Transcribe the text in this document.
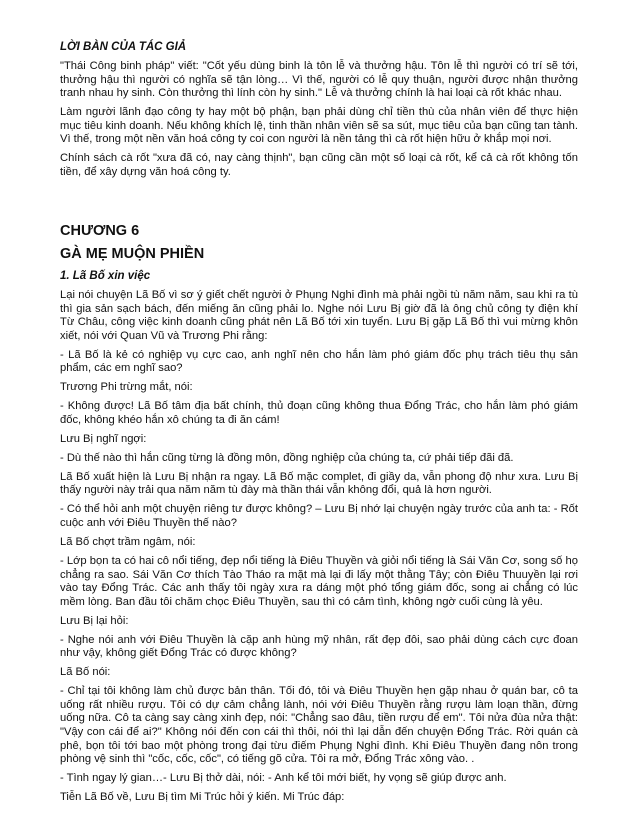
LỜI BÀN CỦA TÁC GIẢ

"Thái Công binh pháp" viết: "Cốt yếu dùng binh là tôn lễ và thưởng hậu. Tôn lễ thì người có trí sẽ tới, thưởng hậu thì người có nghĩa sẽ tận lòng… Vì thế, người có lễ quy thuận, người được nhận thưởng tranh nhau hy sinh. Còn thưởng thì lính còn hy sinh." Lễ và thưởng chính là hai loại cà rốt khác nhau.

Làm người lãnh đạo công ty hay một bộ phận, bạn phải dùng chỉ tiền thù của nhân viên để thực hiện mục tiêu kinh doanh. Nếu không khích lệ, tinh thần nhân viên sẽ sa sút, mục tiêu của bạn cũng tan tành. Vì thế, trong một nền văn hoá công ty coi con người là nền tảng thì cà rốt hiện hữu ở khắp mọi nơi.

Chính sách cà rốt "xưa đã có, nay càng thịnh", bạn cũng cần một số loại cà rốt, kể cả cà rốt không tốn tiền, để xây dựng văn hoá công ty.

CHƯƠNG 6
GÀ MẸ MUỘN PHIỀN
1. Lã Bố xin việc

Lại nói chuyện Lã Bố vì sơ ý giết chết người ở Phụng Nghi đình mà phải ngồi tù năm năm, sau khi ra tù thì gia sản sạch bách, đến miếng ăn cũng phải lo. Nghe nói Lưu Bị giờ đã là ông chủ công ty điện khí Từ Châu, công việc kinh doanh cũng phát nên Lã Bố tới xin tuyển. Lưu Bị gặp Lã Bố thì vui mừng khôn xiết, nói với Quan Vũ và Trương Phi rằng:

- Lã Bố là kẻ có nghiệp vụ cực cao, anh nghĩ nên cho hắn làm phó giám đốc phụ trách tiêu thụ sản phẩm, các em nghĩ sao?

Trương Phi trừng mắt, nói:

- Không được! Lã Bố tâm địa bất chính, thủ đoạn cũng không thua Đổng Trác, cho hắn làm phó giám đốc, không khéo hắn xô chúng ta đi ăn cám!

Lưu Bị nghĩ ngợi:

- Dù thế nào thì hắn cũng từng là đồng môn, đồng nghiệp của chúng ta, cứ phải tiếp đãi đã.

Lã Bố xuất hiện là Lưu Bị nhận ra ngay. Lã Bố mặc complet, đi giầy da, vẫn phong độ như xưa. Lưu Bị thấy người này trải qua năm năm tù đày mà thần thái vẫn không đổi, quả là hơn người.

- Có thể hỏi anh một chuyện riêng tư được không? – Lưu Bị nhớ lại chuyện ngày trước của anh ta: - Rốt cuộc anh với Điêu Thuyền thế nào?

Lã Bố chợt trầm ngâm, nói:

- Lớp bọn ta có hai cô nổi tiếng, đẹp nổi tiếng là Điêu Thuyền và giỏi nổi tiếng là Sái Văn Cơ, song số họ chẳng ra sao. Sái Văn Cơ thích Tào Tháo ra mặt mà lại đi lấy một thằng Tây; còn Điêu Thuuyền lại rơi vào tay Đổng Trác. Các anh thấy tôi ngày xưa ra dáng một phó tổng giám đốc, song ai chẳng có lúc mềm lòng. Ban đầu tôi chăm chọc Điêu Thuyền, sau thì có cảm tình, không ngờ cuối cùng là yêu.

Lưu Bị lại hỏi:

- Nghe nói anh với Điêu Thuyền là cặp anh hùng mỹ nhân, rất đẹp đôi, sao phải dùng cách cực đoan như vậy, không giết Đổng Trác có được không?

Lã Bố nói:

- Chỉ tại tôi không làm chủ được bản thân. Tối đó, tôi và Điêu Thuyền hẹn gặp nhau ở quán bar, cô ta uống rất nhiều rượu. Tôi có dự cảm chẳng lành, nói với Điêu Thuyền rằng rượu làm loạn thần, đừng uống nữa. Cô ta càng say càng xinh đẹp, nói: "Chẳng sao đâu, tiền rượu để em". Tôi nửa đùa nửa thật: "Vậy con cái để ai?" Không nói đến con cái thì thôi, nói thì lại dẫn đến chuyện Đổng Trác. Rời quán cà phê, bọn tôi tới bao một phòng trong đại từu điếm Phụng Nghi đình. Khi Điêu Thuyền đang nôn trong phòng vệ sinh thì "cốc, cốc, cốc", có tiếng gõ cửa. Tôi ra mở, Đổng Trác xông vào. .

- Tình ngay lý gian…- Lưu Bị thở dài, nói: - Anh kể tôi mới biết, hy vọng sẽ giúp được anh.

Tiễn Lã Bố về, Lưu Bị tìm Mi Trúc hỏi ý kiến. Mi Trúc đáp:
